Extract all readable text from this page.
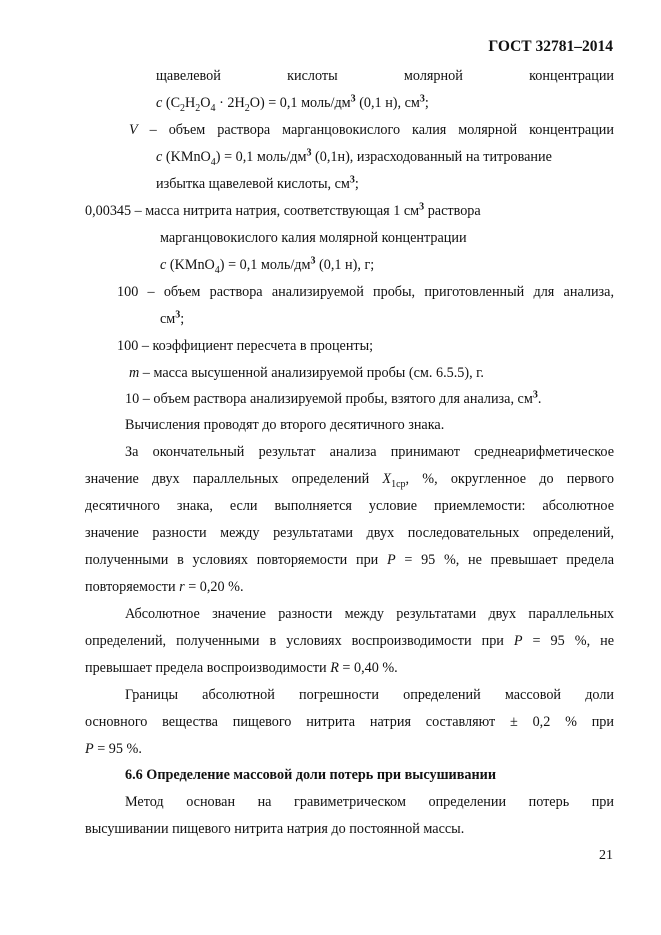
ГОСТ 32781–2014
щавелевой кислоты молярной концентрации
с $(C_2H_2O_4 \cdot 2H_2O) = 0,1$ моль/$дм^3$ (0,1 н), $см^3$;
V – объем раствора марганцовокислого калия молярной концентрации
с (KMnO$_4$) = 0,1 моль/$дм^3$ (0,1н), израсходованный на титрование
избытка щавелевой кислоты, $см^3$;
0,00345 – масса нитрита натрия, соответствующая 1 $см^3$ раствора
марганцовокислого калия молярной концентрации
с (KMnO$_4$) = 0,1 моль/$дм^3$ (0,1 н), г;
100 – объем раствора анализируемой пробы, приготовленный для анализа,
$см^3$;
100 – коэффициент пересчета в проценты;
m – масса высушенной анализируемой пробы (см. 6.5.5), г.
10 – объем раствора анализируемой пробы, взятого для анализа, $см^3$.
Вычисления проводят до второго десятичного знака.
За окончательный результат анализа принимают среднеарифметическое
значение двух параллельных определений $X_{1ср}$, %, округленное до первого
десятичного знака, если выполняется условие приемлемости: абсолютное
значение разности между результатами двух последовательных определений,
полученными в условиях повторяемости при P = 95 %, не превышает предела
повторяемости r = 0,20 %.
Абсолютное значение разности между результатами двух параллельных
определений, полученными в условиях воспроизводимости при P = 95 %, не
превышает предела воспроизводимости R = 0,40 %.
Границы абсолютной погрешности определений массовой доли
основного вещества пищевого нитрита натрия составляют ± 0,2 % при
P = 95 %.
6.6 Определение массовой доли потерь при высушивании
Метод основан на гравиметрическом определении потерь при
высушивании пищевого нитрита натрия до постоянной массы.
21
